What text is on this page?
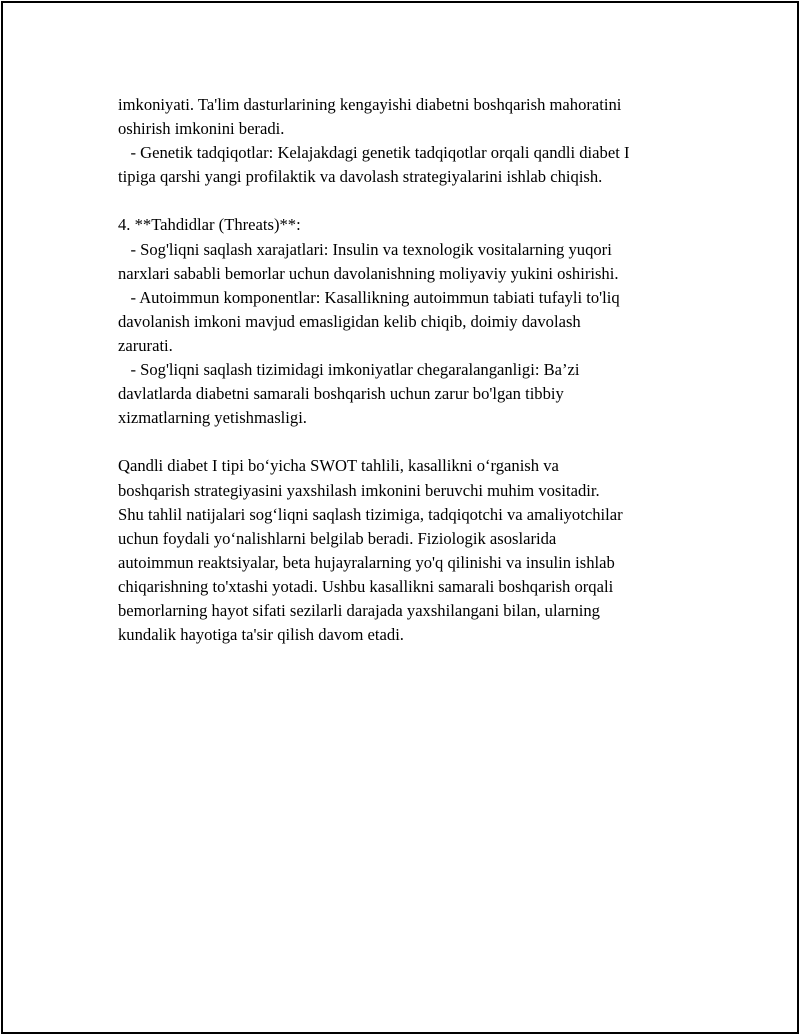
imkoniyati. Ta'lim dasturlarining kengayishi diabetni boshqarish mahoratini
oshirish imkonini beradi.
- Genetik tadqiqotlar: Kelajakdagi genetik tadqiqotlar orqali qandli diabet I
tipiga qarshi yangi profilaktik va davolash strategiyalarini ishlab chiqish.
4. **Tahdidlar (Threats)**:
- Sog'liqni saqlash xarajatlari: Insulin va texnologik vositalarning yuqori
narxlari sababli bemorlar uchun davolanishning moliyaviy yukini oshirishi.
- Autoimmun komponentlar: Kasallikning autoimmun tabiati tufayli to'liq
davolanish imkoni mavjud emasligidan kelib chiqib, doimiy davolash
zarurati.
- Sog'liqni saqlash tizimidagi imkoniyatlar chegaralanganligi: Ba’zi
davlatlarda diabetni samarali boshqarish uchun zarur bo'lgan tibbiy
xizmatlarning yetishmasligi.
Qandli diabet I tipi bo‘yicha SWOT tahlili, kasallikni o‘rganish va
boshqarish strategiyasini yaxshilash imkonini beruvchi muhim vositadir.
Shu tahlil natijalari sog‘liqni saqlash tizimiga, tadqiqotchi va amaliyotchilar
uchun foydali yo‘nalishlarni belgilab beradi. Fiziologik asoslarida
autoimmun reaktsiyalar, beta hujayralarning yo'q qilinishi va insulin ishlab
chiqarishning to'xtashi yotadi. Ushbu kasallikni samarali boshqarish orqali
bemorlarning hayot sifati sezilarli darajada yaxshilangani bilan, ularning
kundalik hayotiga ta'sir qilish davom etadi.
